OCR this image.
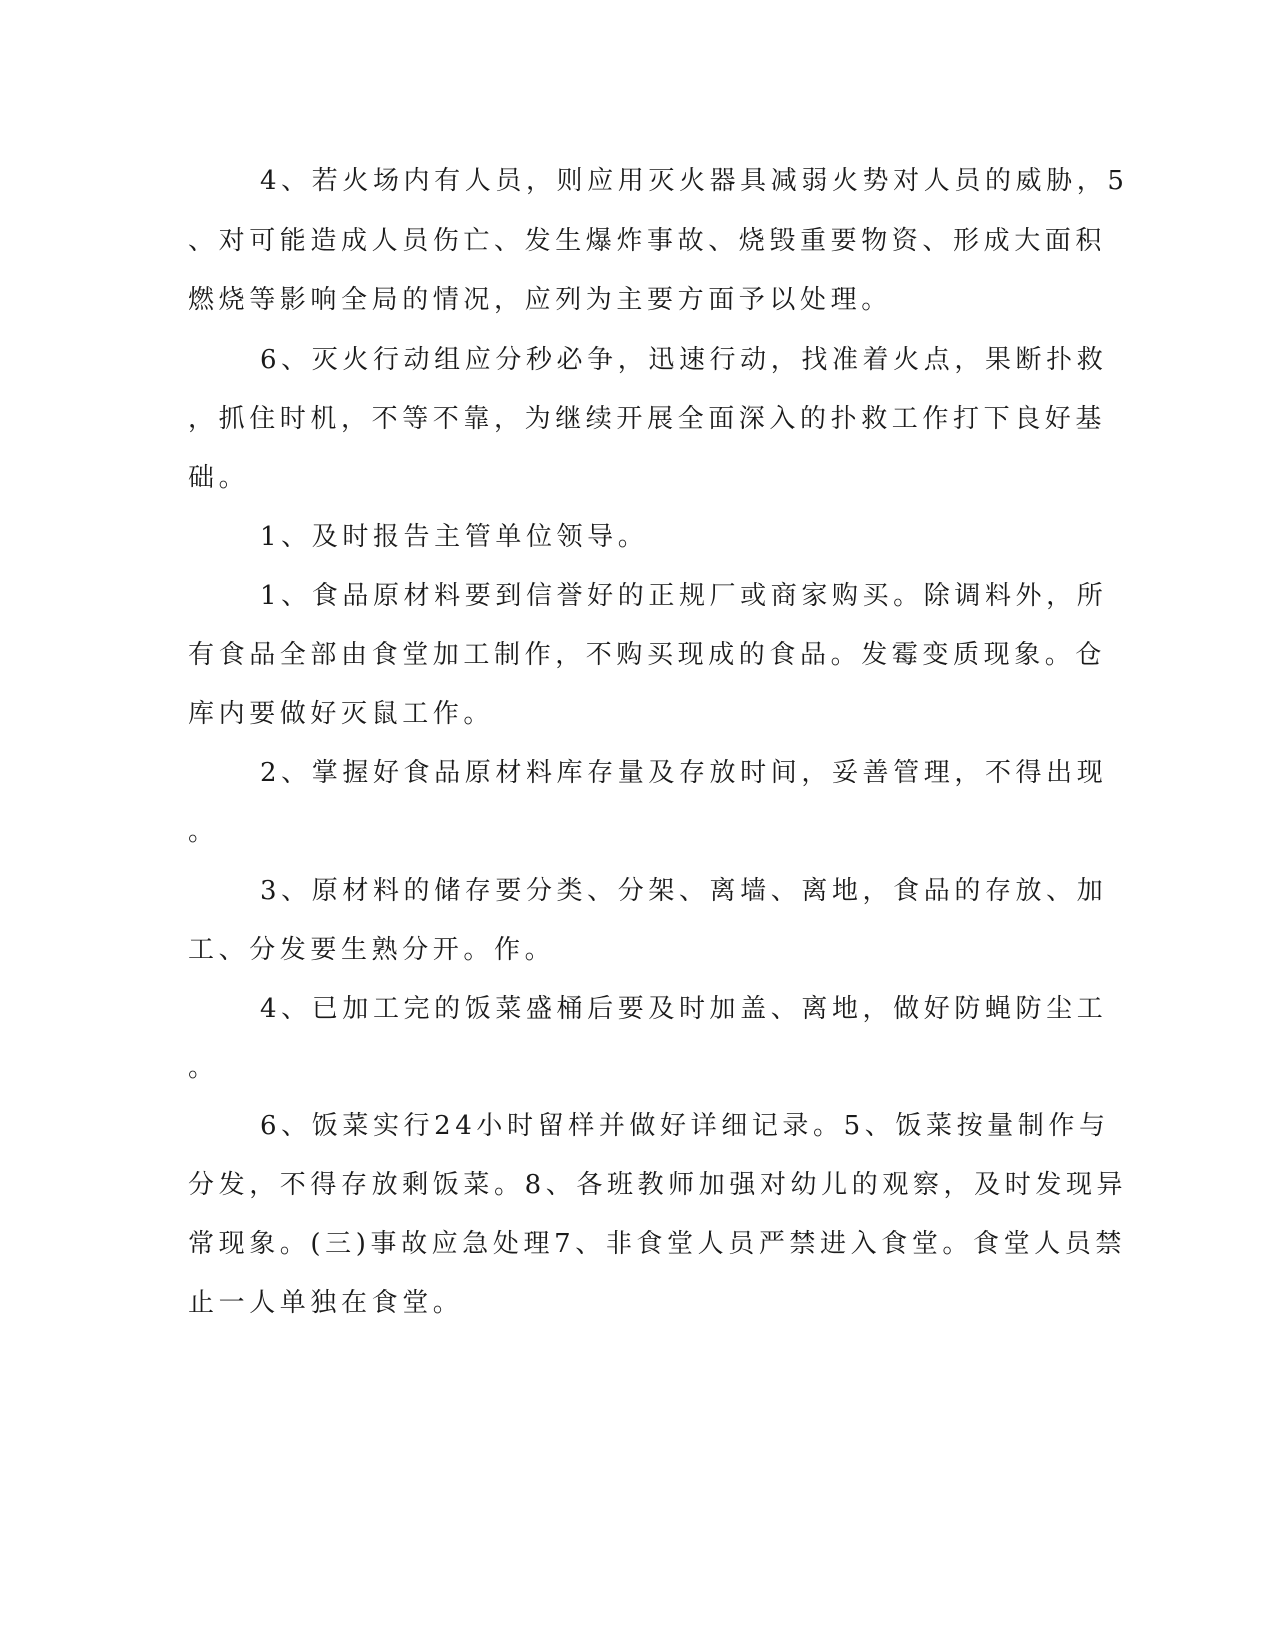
4、若火场内有人员，则应用灭火器具减弱火势对人员的威胁，5
、对可能造成人员伤亡、发生爆炸事故、烧毁重要物资、形成大面积
燃烧等影响全局的情况，应列为主要方面予以处理。
6、灭火行动组应分秒必争，迅速行动，找准着火点，果断扑救
，抓住时机，不等不靠，为继续开展全面深入的扑救工作打下良好基
础。
1、及时报告主管单位领导。
1、食品原材料要到信誉好的正规厂或商家购买。除调料外，所
有食品全部由食堂加工制作，不购买现成的食品。发霉变质现象。仓
库内要做好灭鼠工作。
2、掌握好食品原材料库存量及存放时间，妥善管理，不得出现
。
3、原材料的储存要分类、分架、离墙、离地，食品的存放、加
工、分发要生熟分开。作。
4、已加工完的饭菜盛桶后要及时加盖、离地，做好防蝇防尘工
。
6、饭菜实行24小时留样并做好详细记录。5、饭菜按量制作与
分发，不得存放剩饭菜。8、各班教师加强对幼儿的观察，及时发现异
常现象。(三)事故应急处理7、非食堂人员严禁进入食堂。食堂人员禁
止一人单独在食堂。
